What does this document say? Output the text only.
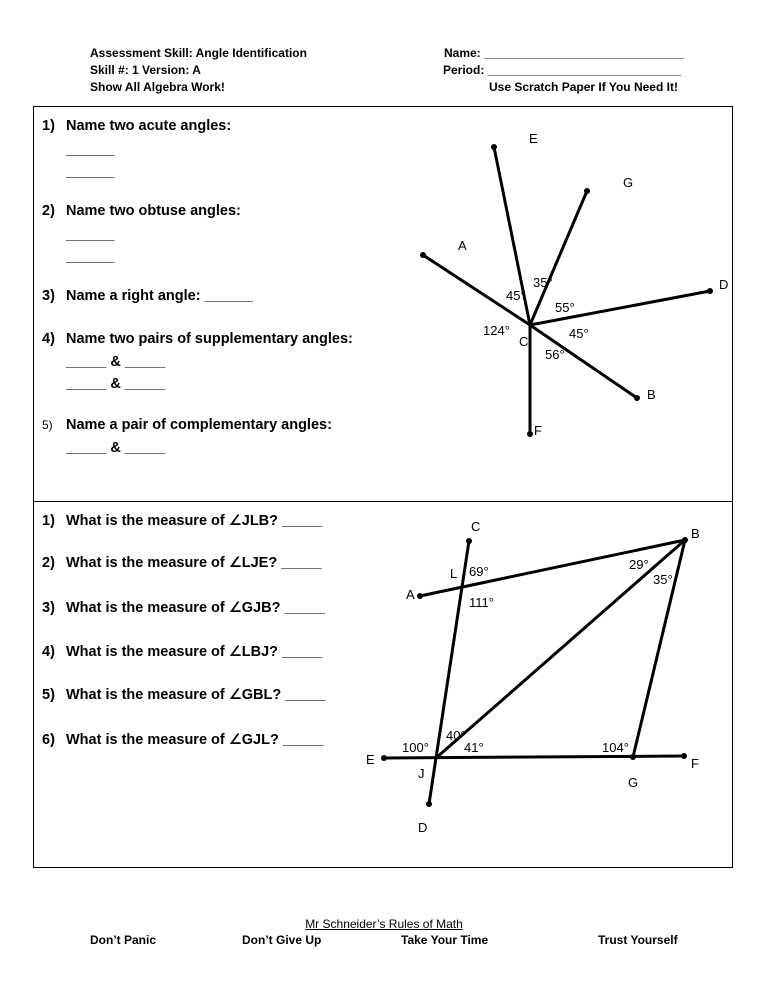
Assessment Skill: Angle Identification
Skill #: 1 Version: A
Show All Algebra Work!
Name: ______________________________
Period: _____________________________
Use Scratch Paper If You Need It!
1) Name two acute angles:
______
______
2) Name two obtuse angles:
______
______
3) Name a right angle: ______
4) Name two pairs of supplementary angles:
_____ & _____
_____ & _____
5) Name a pair of complementary angles:
_____ & _____
E
G
A
D
C
B
F
45°
35°
55°
45°
56°
124°
1) What is the measure of ∠JLB? _____
2) What is the measure of ∠LJE? _____
3) What is the measure of ∠GJB? _____
4) What is the measure of ∠LBJ? _____
5) What is the measure of ∠GBL? _____
6) What is the measure of ∠GJL? _____
C	B
A
L
E
J
G
F
D
69°
111°
29°
35°
40°
100°	41°	104°
Mr Schneider’s Rules of Math
Don’t Panic	Don’t Give Up	Take Your Time	Trust Yourself
